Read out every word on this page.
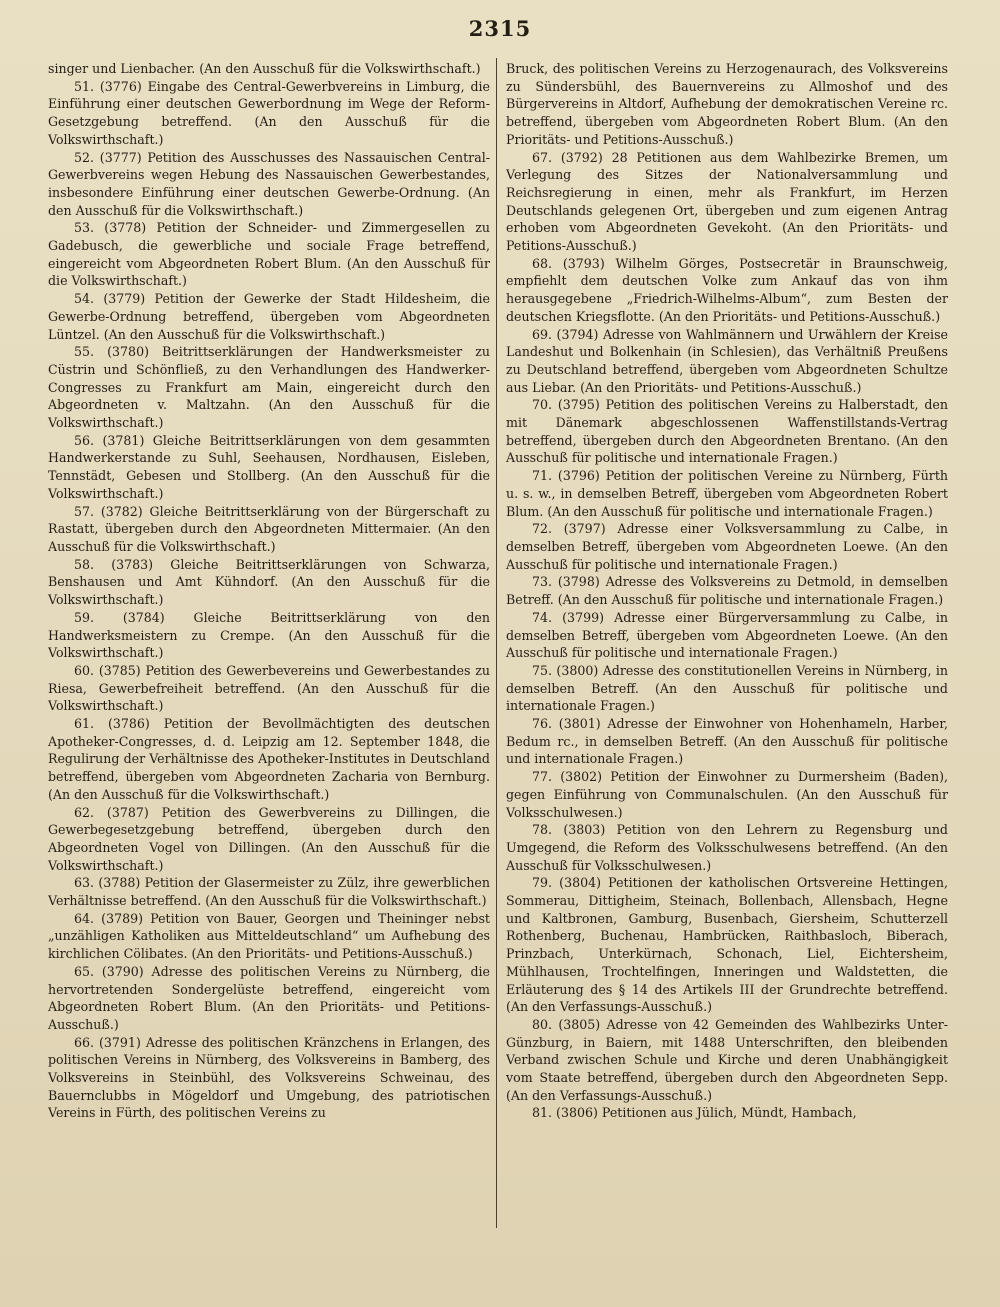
2315

singer und Lienbacher. (An den Ausschuß für die Volkswirthschaft.)

51. (3776) Eingabe des Central-Gewerbvereins in Limburg, die Einführung einer deutschen Gewerbordnung im Wege der Reform-Gesetzgebung betreffend. (An den Ausschuß für die Volkswirthschaft.)

52. (3777) Petition des Ausschusses des Nassauischen Central-Gewerbvereins wegen Hebung des Nassauischen Gewerbestandes, insbesondere Einführung einer deutschen Gewerbe-Ordnung. (An den Ausschuß für die Volkswirthschaft.)

53. (3778) Petition der Schneider- und Zimmergesellen zu Gadebusch, die gewerbliche und sociale Frage betreffend, eingereicht vom Abgeordneten Robert Blum. (An den Ausschuß für die Volkswirthschaft.)

54. (3779) Petition der Gewerke der Stadt Hildesheim, die Gewerbe-Ordnung betreffend, übergeben vom Abgeordneten Lüntzel. (An den Ausschuß für die Volkswirthschaft.)

55. (3780) Beitrittserklärungen der Handwerksmeister zu Cüstrin und Schönfließ, zu den Verhandlungen des Handwerker-Congresses zu Frankfurt am Main, eingereicht durch den Abgeordneten v. Maltzahn. (An den Ausschuß für die Volkswirthschaft.)

56. (3781) Gleiche Beitrittserklärungen von dem gesammten Handwerkerstande zu Suhl, Seehausen, Nordhausen, Eisleben, Tennstädt, Gebesen und Stollberg. (An den Ausschuß für die Volkswirthschaft.)

57. (3782) Gleiche Beitrittserklärung von der Bürgerschaft zu Rastatt, übergeben durch den Abgeordneten Mittermaier. (An den Ausschuß für die Volkswirthschaft.)

58. (3783) Gleiche Beitrittserklärungen von Schwarza, Benshausen und Amt Kühndorf. (An den Ausschuß für die Volkswirthschaft.)

59. (3784) Gleiche Beitrittserklärung von den Handwerksmeistern zu Crempe. (An den Ausschuß für die Volkswirthschaft.)

60. (3785) Petition des Gewerbevereins und Gewerbestandes zu Riesa, Gewerbefreiheit betreffend. (An den Ausschuß für die Volkswirthschaft.)

61. (3786) Petition der Bevollmächtigten des deutschen Apotheker-Congresses, d. d. Leipzig am 12. September 1848, die Regulirung der Verhältnisse des Apotheker-Institutes in Deutschland betreffend, übergeben vom Abgeordneten Zacharia von Bernburg. (An den Ausschuß für die Volkswirthschaft.)

62. (3787) Petition des Gewerbvereins zu Dillingen, die Gewerbegesetzgebung betreffend, übergeben durch den Abgeordneten Vogel von Dillingen. (An den Ausschuß für die Volkswirthschaft.)

63. (3788) Petition der Glasermeister zu Zülz, ihre gewerblichen Verhältnisse betreffend. (An den Ausschuß für die Volkswirthschaft.)

64. (3789) Petition von Bauer, Georgen und Theininger nebst „unzähligen Katholiken aus Mitteldeutschland“ um Aufhebung des kirchlichen Cölibates. (An den Prioritäts- und Petitions-Ausschuß.)

65. (3790) Adresse des politischen Vereins zu Nürnberg, die hervortretenden Sondergelüste betreffend, eingereicht vom Abgeordneten Robert Blum. (An den Prioritäts- und Petitions-Ausschuß.)

66. (3791) Adresse des politischen Kränzchens in Erlangen, des politischen Vereins in Nürnberg, des Volksvereins in Bamberg, des Volksvereins in Steinbühl, des Volksvereins Schweinau, des Bauernclubbs in Mögeldorf und Umgebung, des patriotischen Vereins in Fürth, des politischen Vereins zu

Bruck, des politischen Vereins zu Herzogenaurach, des Volksvereins zu Sündersbühl, des Bauernvereins zu Allmoshof und des Bürgervereins in Altdorf, Aufhebung der demokratischen Vereine rc. betreffend, übergeben vom Abgeordneten Robert Blum. (An den Prioritäts- und Petitions-Ausschuß.)

67. (3792) 28 Petitionen aus dem Wahlbezirke Bremen, um Verlegung des Sitzes der Nationalversammlung und Reichsregierung in einen, mehr als Frankfurt, im Herzen Deutschlands gelegenen Ort, übergeben und zum eigenen Antrag erhoben vom Abgeordneten Gevekoht. (An den Prioritäts- und Petitions-Ausschuß.)

68. (3793) Wilhelm Görges, Postsecretär in Braunschweig, empfiehlt dem deutschen Volke zum Ankauf das von ihm herausgegebene „Friedrich-Wilhelms-Album“, zum Besten der deutschen Kriegsflotte. (An den Prioritäts- und Petitions-Ausschuß.)

69. (3794) Adresse von Wahlmännern und Urwählern der Kreise Landeshut und Bolkenhain (in Schlesien), das Verhältniß Preußens zu Deutschland betreffend, übergeben vom Abgeordneten Schultze aus Liebar. (An den Prioritäts- und Petitions-Ausschuß.)

70. (3795) Petition des politischen Vereins zu Halberstadt, den mit Dänemark abgeschlossenen Waffenstillstands-Vertrag betreffend, übergeben durch den Abgeordneten Brentano. (An den Ausschuß für politische und internationale Fragen.)

71. (3796) Petition der politischen Vereine zu Nürnberg, Fürth u. s. w., in demselben Betreff, übergeben vom Abgeordneten Robert Blum. (An den Ausschuß für politische und internationale Fragen.)

72. (3797) Adresse einer Volksversammlung zu Calbe, in demselben Betreff, übergeben vom Abgeordneten Loewe. (An den Ausschuß für politische und internationale Fragen.)

73. (3798) Adresse des Volksvereins zu Detmold, in demselben Betreff. (An den Ausschuß für politische und internationale Fragen.)

74. (3799) Adresse einer Bürgerversammlung zu Calbe, in demselben Betreff, übergeben vom Abgeordneten Loewe. (An den Ausschuß für politische und internationale Fragen.)

75. (3800) Adresse des constitutionellen Vereins in Nürnberg, in demselben Betreff. (An den Ausschuß für politische und internationale Fragen.)

76. (3801) Adresse der Einwohner von Hohenhameln, Harber, Bedum rc., in demselben Betreff. (An den Ausschuß für politische und internationale Fragen.)

77. (3802) Petition der Einwohner zu Durmersheim (Baden), gegen Einführung von Communalschulen. (An den Ausschuß für Volksschulwesen.)

78. (3803) Petition von den Lehrern zu Regensburg und Umgegend, die Reform des Volksschulwesens betreffend. (An den Ausschuß für Volksschulwesen.)

79. (3804) Petitionen der katholischen Ortsvereine Hettingen, Sommerau, Dittigheim, Steinach, Bollenbach, Allensbach, Hegne und Kaltbronen, Gamburg, Busenbach, Giersheim, Schutterzell Rothenberg, Buchenau, Hambrücken, Raithbasloch, Biberach, Prinzbach, Unterkürnach, Schonach, Liel, Eichtersheim, Mühlhausen, Trochtelfingen, Inneringen und Waldstetten, die Erläuterung des § 14 des Artikels III der Grundrechte betreffend. (An den Verfassungs-Ausschuß.)

80. (3805) Adresse von 42 Gemeinden des Wahlbezirks Unter-Günzburg, in Baiern, mit 1488 Unterschriften, den bleibenden Verband zwischen Schule und Kirche und deren Unabhängigkeit vom Staate betreffend, übergeben durch den Abgeordneten Sepp. (An den Verfassungs-Ausschuß.)

81. (3806) Petitionen aus Jülich, Mündt, Hambach,
